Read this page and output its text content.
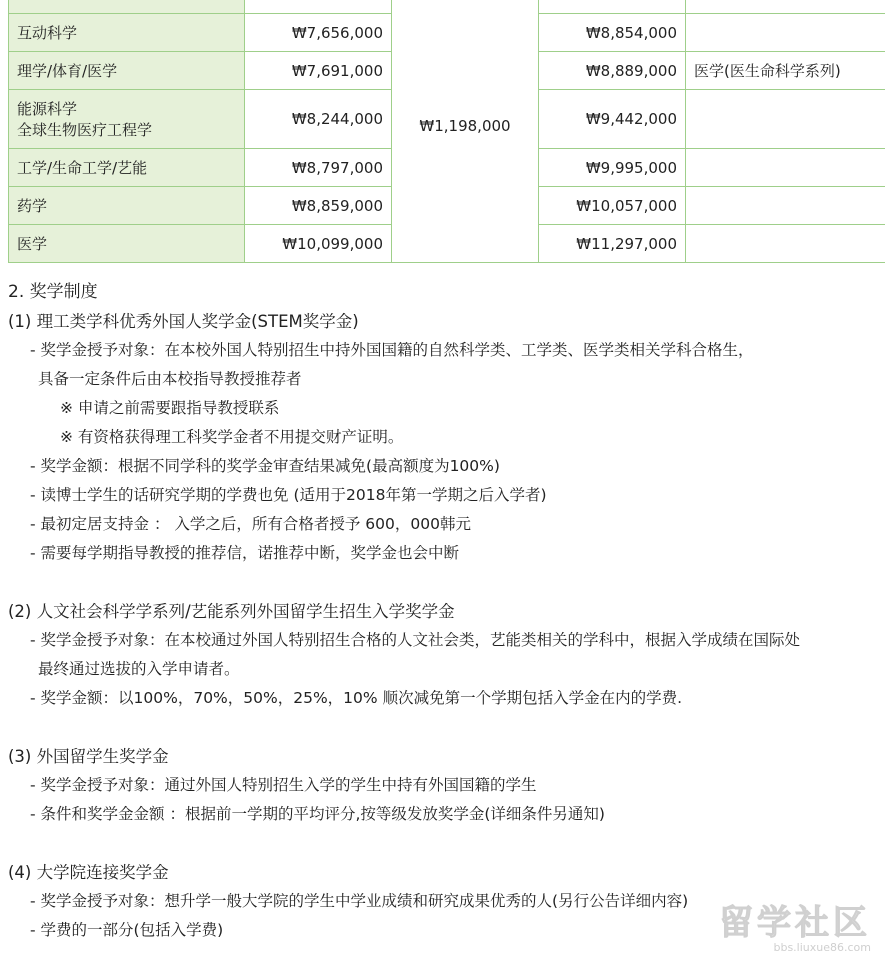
		₩1,198,000		
互动科学	₩7,656,000		₩8,854,000	
理学/体育/医学	₩7,691,000		₩8,889,000	医学(医生命科学系列)

能源科学
全球生物医疗工程学	₩8,244,000		₩9,442,000	
工学/生命工学/艺能	₩8,797,000		₩9,995,000	
药学	₩8,859,000		₩10,057,000	
医学	₩10,099,000		₩11,297,000	
2. 奖学制度
(1) 理工类学科优秀外国人奖学金(STEM奖学金)
- 奖学金授予对象：在本校外国人特别招生中持外国国籍的自然科学类、工学类、医学类相关学科合格生，
具备一定条件后由本校指导教授推荐者
※ 申请之前需要跟指导教授联系
※ 有资格获得理工科奖学金者不用提交财产证明。
- 奖学金额：根据不同学科的奖学金审查结果减免(最高额度为100%)
- 读博士学生的话研究学期的学费也免 (适用于2018年第一学期之后入学者)
- 最初定居支持金 ： 入学之后，所有合格者授予 600，000韩元
- 需要每学期指导教授的推荐信，诺推荐中断，奖学金也会中断
(2) 人文社会科学学系列/艺能系列外国留学生招生入学奖学金
- 奖学金授予对象：在本校通过外国人特别招生合格的人文社会类，艺能类相关的学科中，根据入学成绩在国际处
最终通过选拔的入学申请者。
- 奖学金额：以100%，70%，50%，25%，10% 顺次减免第一个学期包括入学金在内的学费.
(3) 外国留学生奖学金
- 奖学金授予对象：通过外国人特别招生入学的学生中持有外国国籍的学生
- 条件和奖学金金额 ：根据前一学期的平均评分,按等级发放奖学金(详细条件另通知)
(4) 大学院连接奖学金
- 奖学金授予对象：想升学一般大学院的学生中学业成绩和研究成果优秀的人(另行公告详细内容)
- 学费的一部分(包括入学费)	留学社区
bbs.liuxue86.com
